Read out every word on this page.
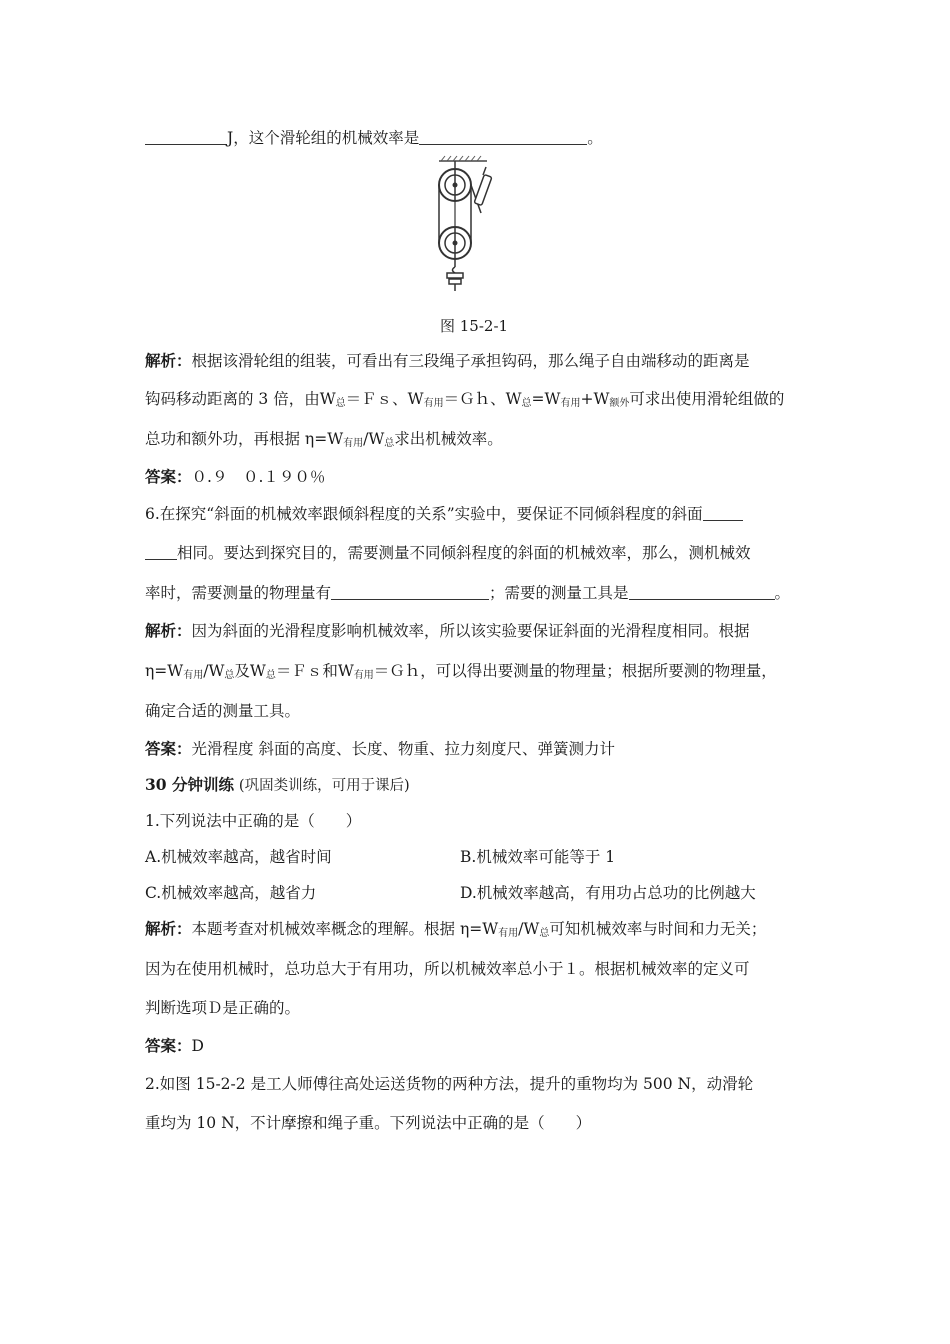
J，这个滑轮组的机械效率是	。
图 15-2-1
解析：根据该滑轮组的组装，可看出有三段绳子承担钩码，那么绳子自由端移动的距离是
钩码移动距离的 3 倍，由$W_总=Fs$、$W_{有用}=Gh$、$W_总=W_{有用}+W_{额外}$可求出使用滑轮组做的
总功和额外功，再根据 $\eta=W_{有用}/W_总$求出机械效率。
答案：０.９　０.１９０％
6.在探究“斜面的机械效率跟倾斜程度的关系”实验中，要保证不同倾斜程度的斜面
相同。要达到探究目的，需要测量不同倾斜程度的斜面的机械效率，那么，测机械效
率时，需要测量的物理量有	；需要的测量工具是	。
解析：因为斜面的光滑程度影响机械效率，所以该实验要保证斜面的光滑程度相同。根据
$\eta=W_{有用}/W_总$及$W_总=Fs$和$W_{有用}=Gh$，可以得出要测量的物理量；根据所要测的物理量，
确定合适的测量工具。
答案：光滑程度 斜面的高度、长度、物重、拉力刻度尺、弹簧测力计
30 分钟训练 (巩固类训练，可用于课后)
1.下列说法中正确的是（　　）
A.机械效率越高，越省时间	B.机械效率可能等于 1
C.机械效率越高，越省力	D.机械效率越高，有用功占总功的比例越大
解析：本题考查对机械效率概念的理解。根据 $\eta=W_{有用}/W_总$可知机械效率与时间和力无关；
因为在使用机械时，总功总大于有用功，所以机械效率总小于１。根据机械效率的定义可
判断选项Ｄ是正确的。
答案：D
2.如图 15-2-2 是工人师傅往高处运送货物的两种方法，提升的重物均为 500 N，动滑轮
重均为 10 N，不计摩擦和绳子重。下列说法中正确的是（　　）
